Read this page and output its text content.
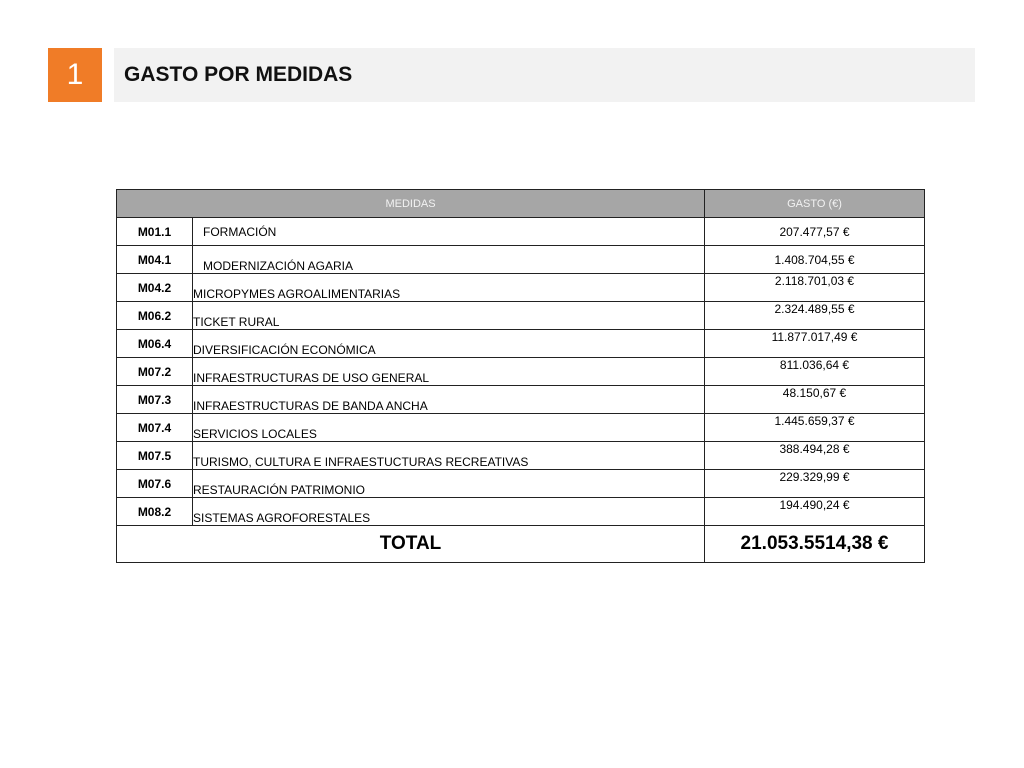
1	GASTO POR MEDIDAS
MEDIDAS		GASTO (€)
M01.1	FORMACIÓN	207.477,57 €
M04.1	MODERNIZACIÓN AGARIA	1.408.704,55 €
M04.2	MICROPYMES AGROALIMENTARIAS	2.118.701,03 €
M06.2	TICKET RURAL	2.324.489,55 €
M06.4	DIVERSIFICACIÓN ECONÓMICA	11.877.017,49 €
M07.2	INFRAESTRUCTURAS DE USO GENERAL	811.036,64 €
M07.3	INFRAESTRUCTURAS DE BANDA ANCHA	48.150,67 €
M07.4	SERVICIOS LOCALES	1.445.659,37 €
M07.5	TURISMO, CULTURA E INFRAESTUCTURAS RECREATIVAS	388.494,28 €
M07.6	RESTAURACIÓN PATRIMONIO	229.329,99 €
M08.2	SISTEMAS AGROFORESTALES	194.490,24 €
TOTAL		21.053.5514,38 €
